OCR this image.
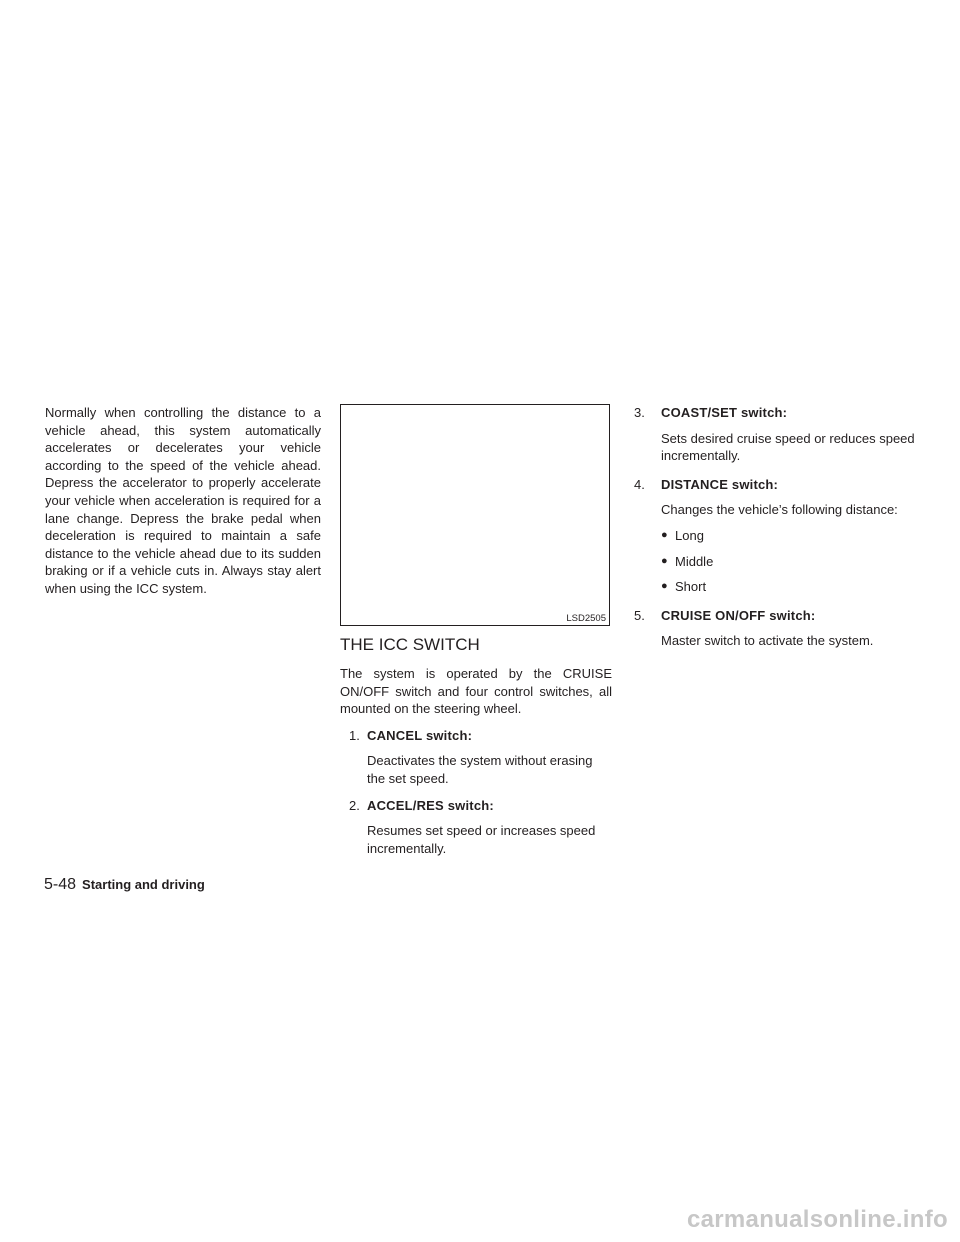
Normally when controlling the distance to a vehicle ahead, this system automatically accelerates or decelerates your vehicle according to the speed of the vehicle ahead. Depress the accelerator to properly accelerate your vehicle when acceleration is required for a lane change. Depress the brake pedal when deceleration is required to maintain a safe distance to the vehicle ahead due to its sudden braking or if a vehicle cuts in. Always stay alert when using the ICC system.

LSD2505
THE ICC SWITCH

The system is operated by the CRUISE ON/OFF switch and four control switches, all mounted on the steering wheel.

1. CANCEL switch:
Deactivates the system without erasing the set speed.
2. ACCEL/RES switch:
Resumes set speed or increases speed incrementally.
3. COAST/SET switch:
Sets desired cruise speed or reduces speed incrementally.
4. DISTANCE switch:
Changes the vehicle’s following distance:
● Long
● Middle
● Short
5. CRUISE ON/OFF switch:
Master switch to activate the system.
5-48 Starting and driving
carmanualsonline.info
